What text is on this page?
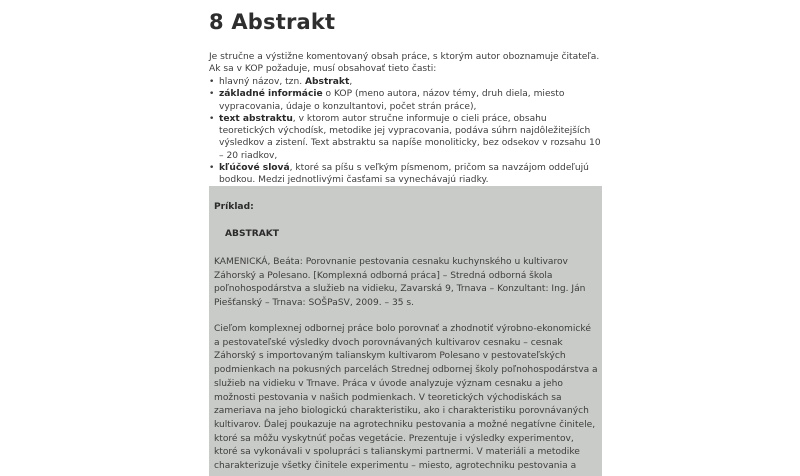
8 Abstrakt

Je stručne a výstižne komentovaný obsah práce, s ktorým autor oboznamuje čitateľa. Ak sa v KOP požaduje, musí obsahovať tieto časti:

• hlavný názov, tzn. Abstrakt,
• základné informácie o KOP (meno autora, názov témy, druh diela, miesto vypracovania, údaje o konzultantovi, počet strán práce),
• text abstraktu, v ktorom autor stručne informuje o cieli práce, obsahu teoretických východísk, metodike jej vypracovania, podáva súhrn najdôležitejších výsledkov a zistení. Text abstraktu sa napíše monoliticky, bez odsekov v rozsahu 10 – 20 riadkov,
• kľúčové slová, ktoré sa píšu s veľkým písmenom, pričom sa navzájom oddeľujú bodkou. Medzi jednotlivými časťami sa vynechávajú riadky.
Príklad:
ABSTRAKT

KAMENICKÁ, Beáta: Porovnanie pestovania cesnaku kuchynského u kultivarov Záhorský a Polesano. [Komplexná odborná práca] – Stredná odborná škola poľnohospodárstva a služieb na vidieku, Zavarská 9, Trnava – Konzultant: Ing. Ján Piešťanský – Trnava: SOŠPaSV, 2009. – 35 s.

Cieľom komplexnej odbornej práce bolo porovnať a zhodnotiť výrobno-ekonomické a pestovateľské výsledky dvoch porovnávaných kultivarov cesnaku – cesnak Záhorský s importovaným talianskym kultivarom Polesano v pestovateľských podmienkach na pokusných parcelách Strednej odbornej školy poľnohospodárstva a služieb na vidieku v Trnave. Práca v úvode analyzuje význam cesnaku a jeho možnosti pestovania v našich podmienkach. V teoretických východiskách sa zameriava na jeho biologickú charakteristiku, ako i charakteristiku porovnávaných kultivarov. Ďalej poukazuje na agrotechniku pestovania a možné negatívne činitele, ktoré sa môžu vyskytnúť počas vegetácie. Prezentuje i výsledky experimentov, ktoré sa vykonávali v spolupráci s talianskymi partnermi. V materiáli a metodike charakterizuje všetky činitele experimentu – miesto, agrotechniku pestovania a
